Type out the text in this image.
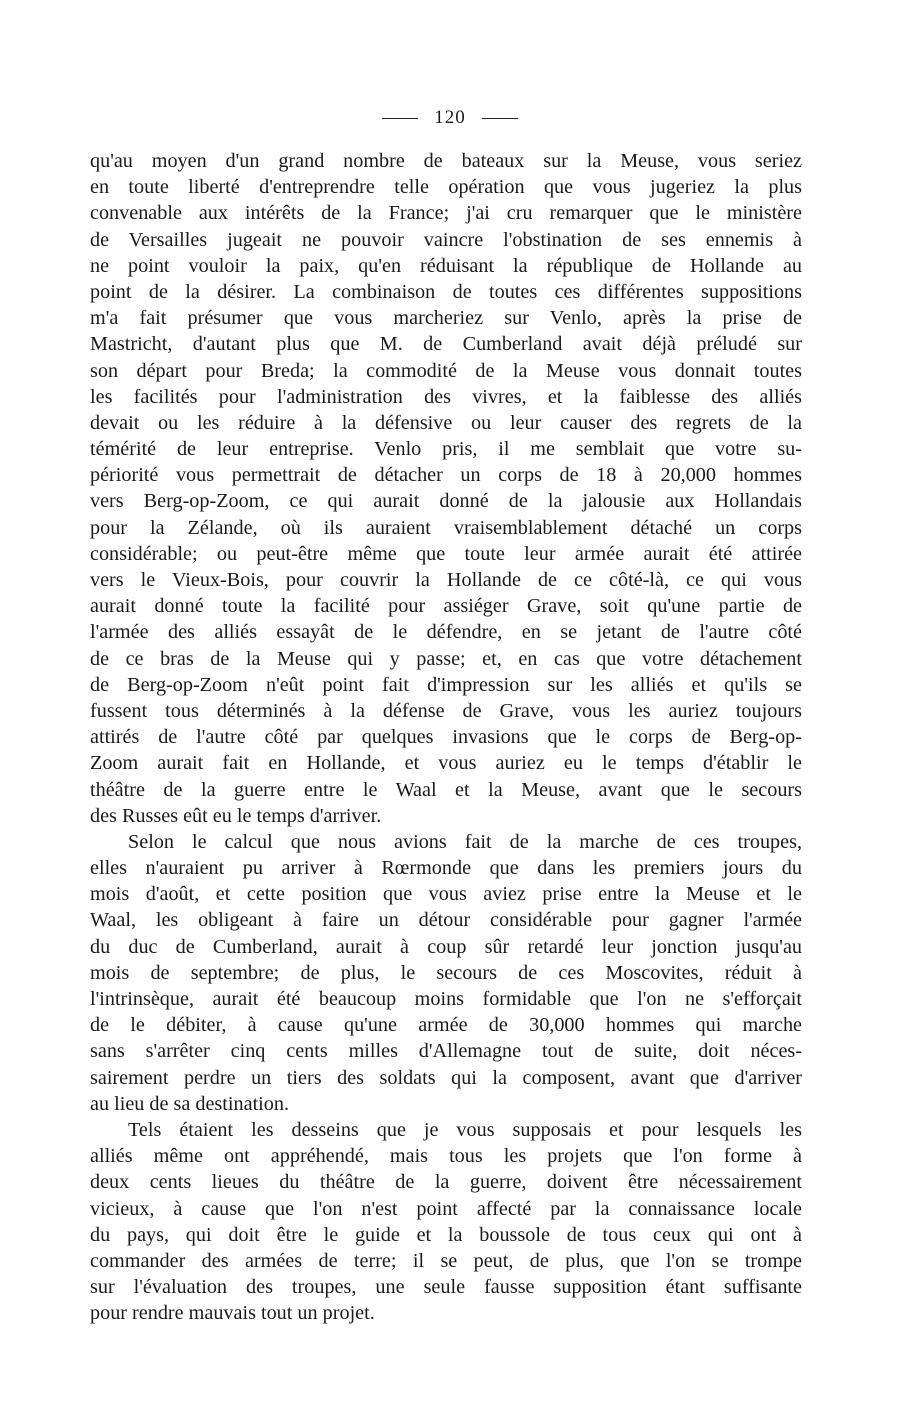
120
qu'au moyen d'un grand nombre de bateaux sur la Meuse, vous seriez
en toute liberté d'entreprendre telle opération que vous jugeriez la plus
convenable aux intérêts de la France; j'ai cru remarquer que le ministère
de Versailles jugeait ne pouvoir vaincre l'obstination de ses ennemis à
ne point vouloir la paix, qu'en réduisant la république de Hollande au
point de la désirer. La combinaison de toutes ces différentes suppositions
m'a fait présumer que vous marcheriez sur Venlo, après la prise de
Mastricht, d'autant plus que M. de Cumberland avait déjà préludé sur
son départ pour Breda; la commodité de la Meuse vous donnait toutes
les facilités pour l'administration des vivres, et la faiblesse des alliés
devait ou les réduire à la défensive ou leur causer des regrets de la
témérité de leur entreprise. Venlo pris, il me semblait que votre su-
périorité vous permettrait de détacher un corps de 18 à 20,000 hommes
vers Berg-op-Zoom, ce qui aurait donné de la jalousie aux Hollandais
pour la Zélande, où ils auraient vraisemblablement détaché un corps
considérable; ou peut-être même que toute leur armée aurait été attirée
vers le Vieux-Bois, pour couvrir la Hollande de ce côté-là, ce qui vous
aurait donné toute la facilité pour assiéger Grave, soit qu'une partie de
l'armée des alliés essayât de le défendre, en se jetant de l'autre côté
de ce bras de la Meuse qui y passe; et, en cas que votre détachement
de Berg-op-Zoom n'eût point fait d'impression sur les alliés et qu'ils se
fussent tous déterminés à la défense de Grave, vous les auriez toujours
attirés de l'autre côté par quelques invasions que le corps de Berg-op-
Zoom aurait fait en Hollande, et vous auriez eu le temps d'établir le
théâtre de la guerre entre le Waal et la Meuse, avant que le secours
des Russes eût eu le temps d'arriver.
Selon le calcul que nous avions fait de la marche de ces troupes,
elles n'auraient pu arriver à Rœrmonde que dans les premiers jours du
mois d'août, et cette position que vous aviez prise entre la Meuse et le
Waal, les obligeant à faire un détour considérable pour gagner l'armée
du duc de Cumberland, aurait à coup sûr retardé leur jonction jusqu'au
mois de septembre; de plus, le secours de ces Moscovites, réduit à
l'intrinsèque, aurait été beaucoup moins formidable que l'on ne s'efforçait
de le débiter, à cause qu'une armée de 30,000 hommes qui marche
sans s'arrêter cinq cents milles d'Allemagne tout de suite, doit néces-
sairement perdre un tiers des soldats qui la composent, avant que d'arriver
au lieu de sa destination.
Tels étaient les desseins que je vous supposais et pour lesquels les
alliés même ont appréhendé, mais tous les projets que l'on forme à
deux cents lieues du théâtre de la guerre, doivent être nécessairement
vicieux, à cause que l'on n'est point affecté par la connaissance locale
du pays, qui doit être le guide et la boussole de tous ceux qui ont à
commander des armées de terre; il se peut, de plus, que l'on se trompe
sur l'évaluation des troupes, une seule fausse supposition étant suffisante
pour rendre mauvais tout un projet.
